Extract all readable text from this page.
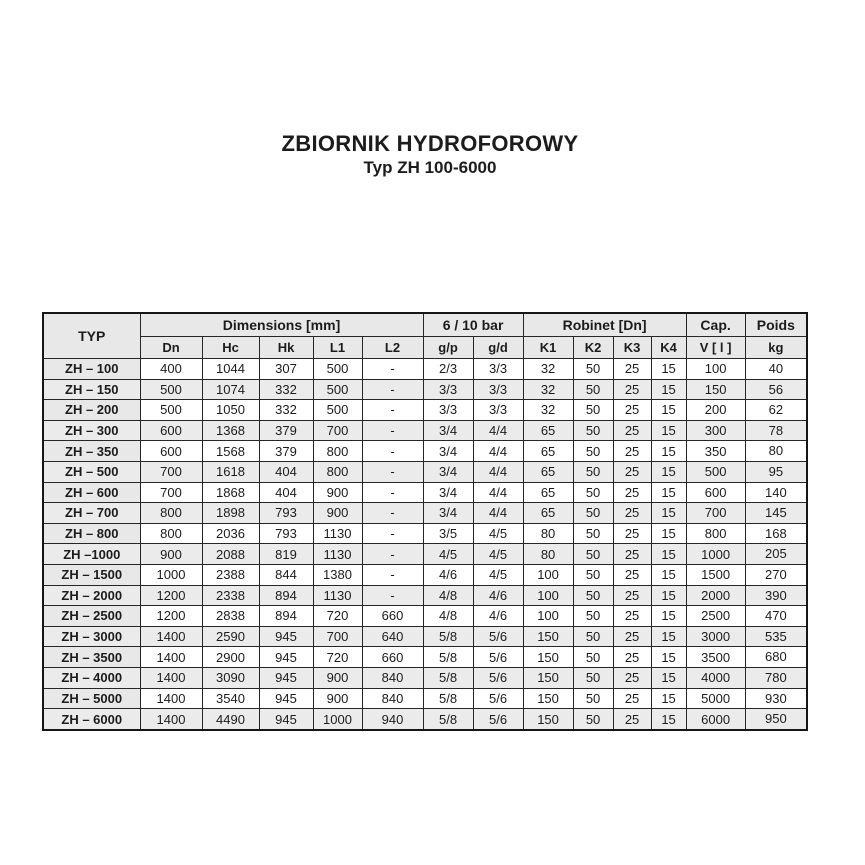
ZBIORNIK HYDROFOROWY
Typ ZH 100-6000
TYP	Dimensions [mm]					6 / 10 bar		Robinet [Dn]				Cap.	Poids
	Dn	Hc	Hk	L1	L2	g/p	g/d	K1	K2	K3	K4	V [ l ]	kg
ZH – 100	400	1044	307	500	-	2/3	3/3	32	50	25	15	100	40
ZH – 150	500	1074	332	500	-	3/3	3/3	32	50	25	15	150	56
ZH – 200	500	1050	332	500	-	3/3	3/3	32	50	25	15	200	62
ZH – 300	600	1368	379	700	-	3/4	4/4	65	50	25	15	300	78
ZH – 350	600	1568	379	800	-	3/4	4/4	65	50	25	15	350	80
ZH – 500	700	1618	404	800	-	3/4	4/4	65	50	25	15	500	95
ZH – 600	700	1868	404	900	-	3/4	4/4	65	50	25	15	600	140
ZH – 700	800	1898	793	900	-	3/4	4/4	65	50	25	15	700	145
ZH – 800	800	2036	793	1130	-	3/5	4/5	80	50	25	15	800	168
ZH –1000	900	2088	819	1130	-	4/5	4/5	80	50	25	15	1000	205
ZH – 1500	1000	2388	844	1380	-	4/6	4/5	100	50	25	15	1500	270
ZH – 2000	1200	2338	894	1130	-	4/8	4/6	100	50	25	15	2000	390
ZH – 2500	1200	2838	894	720	660	4/8	4/6	100	50	25	15	2500	470
ZH – 3000	1400	2590	945	700	640	5/8	5/6	150	50	25	15	3000	535
ZH – 3500	1400	2900	945	720	660	5/8	5/6	150	50	25	15	3500	680
ZH – 4000	1400	3090	945	900	840	5/8	5/6	150	50	25	15	4000	780
ZH – 5000	1400	3540	945	900	840	5/8	5/6	150	50	25	15	5000	930
ZH – 6000	1400	4490	945	1000	940	5/8	5/6	150	50	25	15	6000	950
